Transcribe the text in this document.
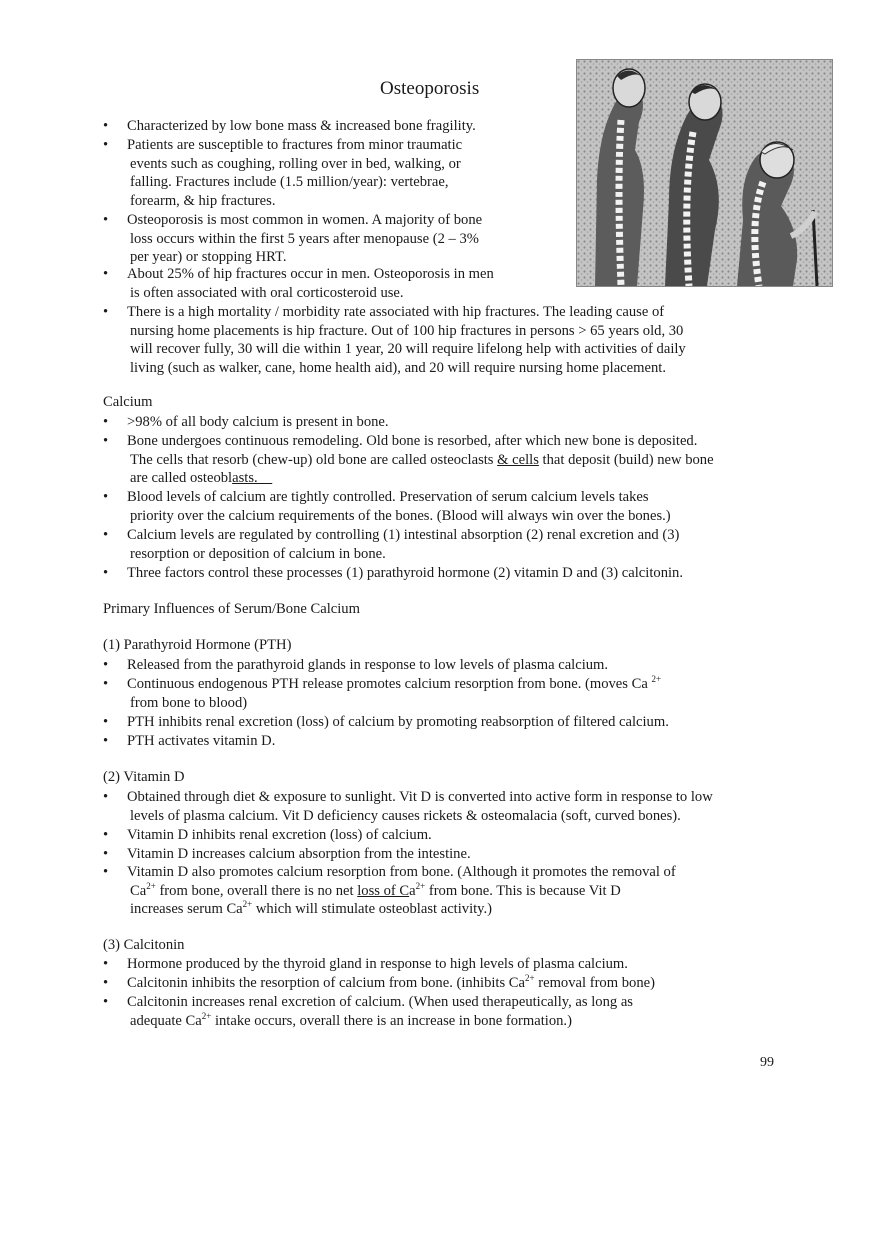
Osteoporosis
• Characterized by low bone mass & increased bone fragility.
• Patients are susceptible to fractures from minor traumatic
events such as coughing, rolling over in bed, walking, or
falling. Fractures include (1.5 million/year): vertebrae,
forearm, & hip fractures.
• Osteoporosis is most common in women. A majority of bone
loss occurs within the first 5 years after menopause (2 – 3%
per year) or stopping HRT.
• About 25% of hip fractures occur in men. Osteoporosis in men
is often associated with oral corticosteroid use.
• There is a high mortality / morbidity rate associated with hip fractures. The leading cause of
nursing home placements is hip fracture. Out of 100 hip fractures in persons > 65 years old, 30
will recover fully, 30 will die within 1 year, 20 will require lifelong help with activities of daily
living (such as walker, cane, home health aid), and 20 will require nursing home placement.
Calcium
• >98% of all body calcium is present in bone.
• Bone undergoes continuous remodeling. Old bone is resorbed, after which new bone is deposited.
The cells that resorb (chew-up) old bone are called osteoclasts & cells that deposit (build) new bone
are called osteoblasts.
• Blood levels of calcium are tightly controlled. Preservation of serum calcium levels takes
priority over the calcium requirements of the bones. (Blood will always win over the bones.)
• Calcium levels are regulated by controlling (1) intestinal absorption (2) renal excretion and (3)
resorption or deposition of calcium in bone.
• Three factors control these processes (1) parathyroid hormone (2) vitamin D and (3) calcitonin.
Primary Influences of Serum/Bone Calcium
(1) Parathyroid Hormone (PTH)
• Released from the parathyroid glands in response to low levels of plasma calcium.
• Continuous endogenous PTH release promotes calcium resorption from bone. (moves Ca $^{2+}$
from bone to blood)
• PTH inhibits renal excretion (loss) of calcium by promoting reabsorption of filtered calcium.
• PTH activates vitamin D.
(2) Vitamin D
• Obtained through diet & exposure to sunlight. Vit D is converted into active form in response to low
levels of plasma calcium. Vit D deficiency causes rickets & osteomalacia (soft, curved bones).
• Vitamin D inhibits renal excretion (loss) of calcium.
• Vitamin D increases calcium absorption from the intestine.
• Vitamin D also promotes calcium resorption from bone. (Although it promotes the removal of
$Ca^{2+}$ from bone, overall there is no net loss of $Ca^{2+}$ from bone. This is because Vit D
increases serum $Ca^{2+}$ which will stimulate osteoblast activity.)
(3) Calcitonin
• Hormone produced by the thyroid gland in response to high levels of plasma calcium.
• Calcitonin inhibits the resorption of calcium from bone. (inhibits $Ca^{2+}$ removal from bone)
• Calcitonin increases renal excretion of calcium. (When used therapeutically, as long as
adequate $Ca^{2+}$ intake occurs, overall there is an increase in bone formation.)
99
